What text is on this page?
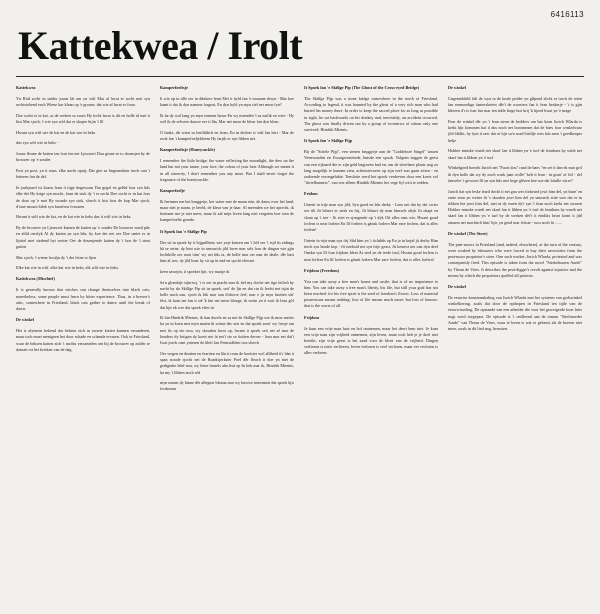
6416113
Kattekwea / Irolt

Kattekwea

Yn Riid socht in snider jouns lât om yn wûf Mar al hwat er socht mei syn rechtstekend each Wiene har klean op 'e grouse; dat wie al hwat er foun.

Doe socht er in kat, as de roeken sa swart Hy focht hwat is dit en holle nî mei it bist Mar sjoch, 't wie syn wûf dat er skopte bijin 't lîf

Hwant syn wûf wie de kat en de kat wie in heks

dus syn wûf wie in heks -

Jouns fleane de katten ien foar ien net Ljouwert Dan geane se to dounsjen by de brouwer op 'e souder

Post yn post, yn it roun, elke nacht opnij; Dat giet sa lingerneiken troch oan 't letteren fan de del.

In jonkjeard ist ûoarn foun it tijge ûngewoan Dat gegel en gelûd foar syn hûs elke dei Hy krige syn mocht, foun de stok dy 't er socht Doe socht er in kat foar de doar op 'e mat Hy swarde syn stok, sloech it bist foar de kop Mar sjoch, d'oare moarn bilek syn buorfrou foroaren

Hwant it wûf wie de kat, en de kat wie in heks dus it wûf wie in heks.

By de brouwer yn Ljouwert kamen de katten op 'e souder De brouwer wasd pûe en altîd oerslyk Al dy katten yn syn hûs; hy koe der net oer Doe smiet er in lijstiel mei siedend hyt weiter Oer de dounsjende katten dy 't hoe de 't steat gutten

Mar sjoch, 't wiene froulju dy 't der leine to lijen

Elke kat wie in wûf, elke kat wie in heks, elk wûf wie in heks.

Kattekwea (Mischief)

It is generally known that witches can change themselves into black cats; nonetheless, some people must learn by bitter experience. Thus, in a brewer's attic, somewhere in Friesland, black cats gather to dance until the break of dawn.

De winkel

Het is alyemen bekend dat heksen zich in zwarte katten kunnen veranderen, maar toch moet menigeen het door schade en schande ervaren. Ook in Friesland, waar de heksen katten zich 't nachts verzamelen om bij de brouwer op zolder te dansen tot het krieken van de dag.

Kamperfoeltsje

It wie op in tille oer in dûnkere feart Mei it hyld fan 'e moanne deryn - Mar hoe kamt it dat ik dyn namme forgeat, En dyn hyld yn myn siel net mear fyn?

Ik ha dy wol lang yn myn earmen hawn En wy miendén 't sa earlik en wier - Hy wól ik de selwere dauwe oer it lân, Mar net mear de kleur fan dyn kleur.

O fanke, dit wiest sa lenfûldich en from, En in dichter is wûf fan hert - Mar de rook fan 't kamperfoeljebloem Hy farjilt er syn libben net.

Kamperfoeltsje (Honeysuckle)

I remember the little bridge, the water reflecting the moonlight, the dew on the land but not your name, your face, the colour of your hair. Although we meant it in all sincerity, I don't remember you any more. But I shall never forget the fragrance of the honeysuckle.

Kamperfoelje

Ik herinner me het bruggetje, het water met de maan erin, de dauw over het land, maar niet je naam, je beeld, de kleur van je haar. Al meenden we het oprecht, ik herinner me je niet meer, maar ik zal mijn leven lang niet vergeten hoe toen de kamperfoelie geurde.

It Spoek fan 'e Skilîge Pip

Der sit in spoek by it bijgnillenis wei ynje kearen om 't hôf oer 't tsjil ûs eidings hâ se seine, dy bint wie in sensurich jild hwer mar sels foar de dingen wie gjin lochtbille oer noar tiim' wy nei hûs ta, de holle mar oer mar de deale, dêr hast him al wer, dy jild hoar hy sit op in end en sjocht elteraet

keen sawnjin, it spoeket hjir, wy marije ût

Sa'n glombije stjirriwj, 't is oer in pracht mar ik fiel my doche net tige feilich by nacht by do Skilîge Pip sit in spoek, seit' de Ijn en dat rin ik leafst net tsjin de holle nach oan, sjoch ik bik mar oan d'oherre feel, mar e jir myn fuotten sitt' fêst, ik kom net fan it sté 'k kin net mear bluege, ik swim yn it swit ik leau gôf dat hjir ek wer dat spoek efter sit

Ik bin Hindrik Miemts, ik han durels en sa nei de Skilîge Pijp soe ik mou merits ha yn in koen mei myn maten ût wiene der seis en dat spoek soen' wy fresje om mei ûs op ein nou, wy skouden hwat op, hwant it spoek seit net sé mar de houders dy kriigen dy koets net ùt nei't sie se ôstiten deroer - leau mar net dat't Iwat joech oant yniesen de kleif fan Fennwâlden twa sloech

Oer wegen en deatten en feartten en lân it roun de koetsier wol alltheid it'r hân it span stoude rjocht nei de Roadtsjerkster Poel dêr fleach it doe yn mei de gediginke bûel nou, wy leine fansels aha leaf op ûs bek mar ik, Hindrik Miemts, ha my 't libben noch réd

myn maten dy binne dêr allegear bleaun mar wy hawwe tominsten dat spoek hjir fordreaun

It Spoek fan 'e Skilîge Pip (The Ghost of the Cross-eyed Bridge)

The Skilîge Pijp was a stone bridge somewhere in the north of Friesland. According to legend, it was haunted by the ghost of a very rich man who had buried his money there. In order to keep the sacred place for as long as possible in sight, he sat backwards on his donkey and, inevitably, an accident occurred. The ghost was finally driven out by a group of eccentrics of whom only one survived: Hindrik Miemts.

It Spoek fan 'e Skilîge Pijp

Bij de "Schele Pijp", een stenen bruggetje aan de "Goddeloze Singel" tussen Veenwouden en Zwaagwesteinde, huisde een spook. Volgens zeggen de geest van een rijkaard die er zijn geld begraven had en, om de sfeerbare plaats nog zo lang mogelijk te kunnen zien, achterstevoren op zijn ezel was gaan zitten - en zodoende verongelukte. Tenslotte werd het spook verdreven door een koets vol "dwielbanners", van wie alleen Hindrik Miemts het vege lijf wist te redden.

Fridom

Untein in trije man syn jild, Syn goed en bûs derby - Lens net dat hy der swier oer tilt Jit bliuwt er sterk en frij, Jit bliuwt dy man himsels altyk Jit okapt en sloan op 't trie - Jit stiet er sjongende op 't dyk Oft alles oms wie, Hwant goud forlern is neat forlern En lîf forlern is gänsk forlern Mar eare forlern, dat is alles forlern!

Untein in trije man syn frij Sûd him yn 't tichthûs op En jo in knjel jit derby Him trech syn burde kop - Jit tsieksid net syn frije geast, Jit kearest net oan dyn deel Omdat syn lîf foar frijdom bleat As sied yn de ierde fuol, Hwant goud forlern is neat forlern En lîf forlern is gänsk forlern Mar eare forlern, dat is alles forlern!

Frijdom (Freedom)

You can take away a free man's house and castle; that is of no importance to him. You can take away a free man's liberty, his life, but still your goal has not been reached: for his free spirit is the seed of freedom's flower. Loss of material possessions means nothing; loss of life means much more; but loss of honour: that is the worst of all.

Frijdom

Je kunt een vrije man huis en hof ontnemen, maar het deert hem niet. Je kunt een vrije man zijn vrijheid ontnemen, zijn leven, maar toch heb je je doel niet bereikt: zijn vrije geest is het zaad voor de bloei van de vrijheid. Dingen verliezen is niets verliezen, leven verloren is veel verloren, maar eer verloren is alles verloren.

De winkel

Ungemiddeld falt de wyn ta de keale polder yn glîpend slicht er troch de reten fan earmoedige fanterskeiets dêr't de woorters fan it fean beskerje - 't is gjin bliezen d'r is foar har mar ien iekle finge hoe krij 'k hjoed hwat yn 'e mage

Foar de winkel dêr yn 't fean stean de bodders om har kean Jurich Wîarda is krekt hjir kommen hat it dus noch net borommen dat de baes foar winkelwaar jild ôffâkt, hy fynt it raer dat se hjir sa'n soad bitsllje roes kâs men 't goedkeaper helje

Hokker minske wurdt net skarf fan it libben yn 'e turf de feanbaes by wiidt net skarf fan it libben yn 'e turf

Winkelgoed boeoht Jurich net "Fuort dou" razd de baes "en set it dan ek mar grif ût dyn holle dat wy dy noch wurk jaan wolle" kelt it lean - in goan' of fiif - del fanwêre 't gewoon lîf yn syn hûs mei hege glêzen hoe soe dat bitulle wirre?

Jurich hat syn leske leard docht it net gau wer forkeard jowt him del, yn buze' en earte sean yn weiter ût 's skoalen jowt him del yn smoarch sitte woe dat er in tekken bie jowt him del, mei ut dy earen dy't syn 't fean noch krekt net stoaren Hokker minske wurdt net skarf fan it libben yn 'e turf de feanbaes hy wurdt net skarf fan it libben yn 'e turf by de werken dêr't it eindiks heart komt it jild omarm net machtich him' hjir, yn getal mar feitste - nou noch ût .......

De winkel (The Store)

The peat-moors in Friesland (and, indeed, elsewhere), at the turn of the century, were worked by labourers who were forced to buy their necessities from the peat-moor proprietor's store. One such worker, Jurich Wîarda, protested and was consequently fired. This episode is taken from the novel "Sterkebaaren Aarde" by Theun de Vries. It describes the peat-digger's revolt against injustice and the means by which the proprietors quelled all protests.

De winkel

De eeuwise kenniramkaling van Jurich Wîarda met het systeem van godswinkel winkelkering, zoals dat door de opthopen in Friesland ten tijde van de eeuwwisseling. De opstande van een arbeider die voor het geweigerde loon later nogt werd toegepast. De episode is 't ontlleend aan de roman "Stiefmoeder Aarde" van Theun de Vries, waar te lezen is wat er gebeurt als de boeren niet meer, zoals in dit lied nog, berusten.
